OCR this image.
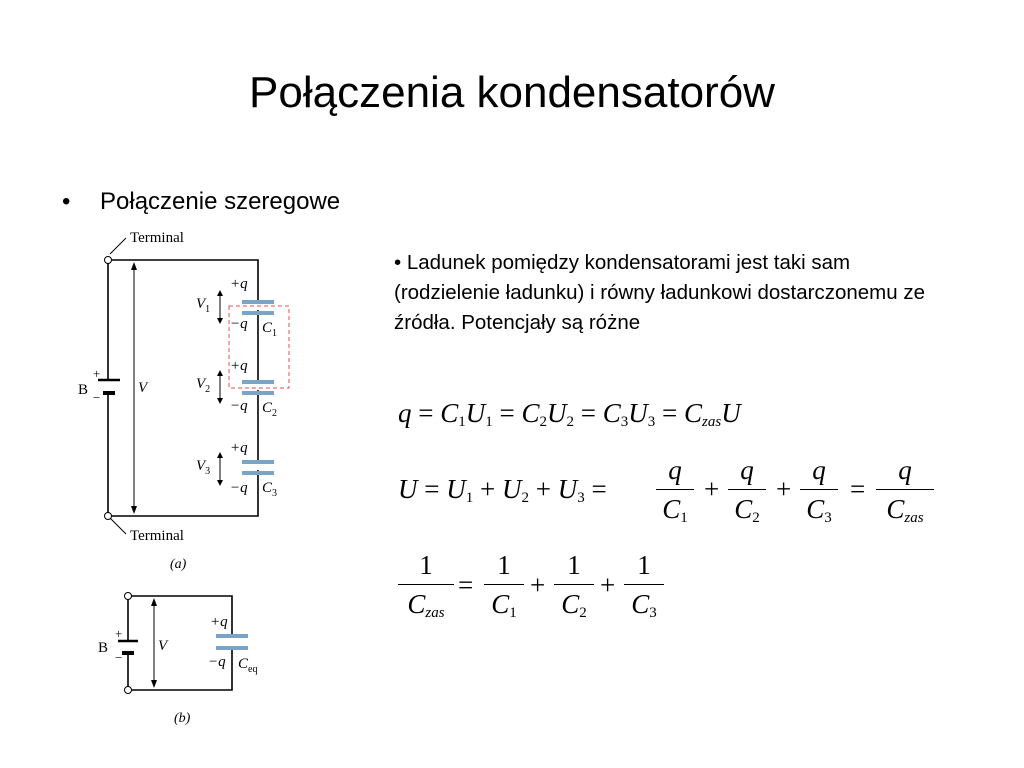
Połączenia kondensatorów
• Połączenie szeregowe
Terminal
Terminal
B
+
−
V
+q
−q
+q
−q
+q
−q
$C_1$
$C_2$
$C_3$
$V_1$
$V_2$
$V_3$
(a)
B
+
−
V
+q
−q $C_{eq}$
(b)
• Ladunek pomiędzy kondensatorami jest taki sam (rodzielenie ładunku) i równy ładunkowi dostarczonemu ze źródła. Potencjały są różne
$q = C_1U_1 = C_2U_2 = C_3U_3 = C_{zas}U$
$U = U_1 + U_2 + U_3$ =
q
$C_1$
+
q
$C_2$
+
q
$C_3$
=
q
$C_{zas}$
1
$C_{zas}$
=
1
$C_1$
+
1
$C_2$
+
1
$C_3$
